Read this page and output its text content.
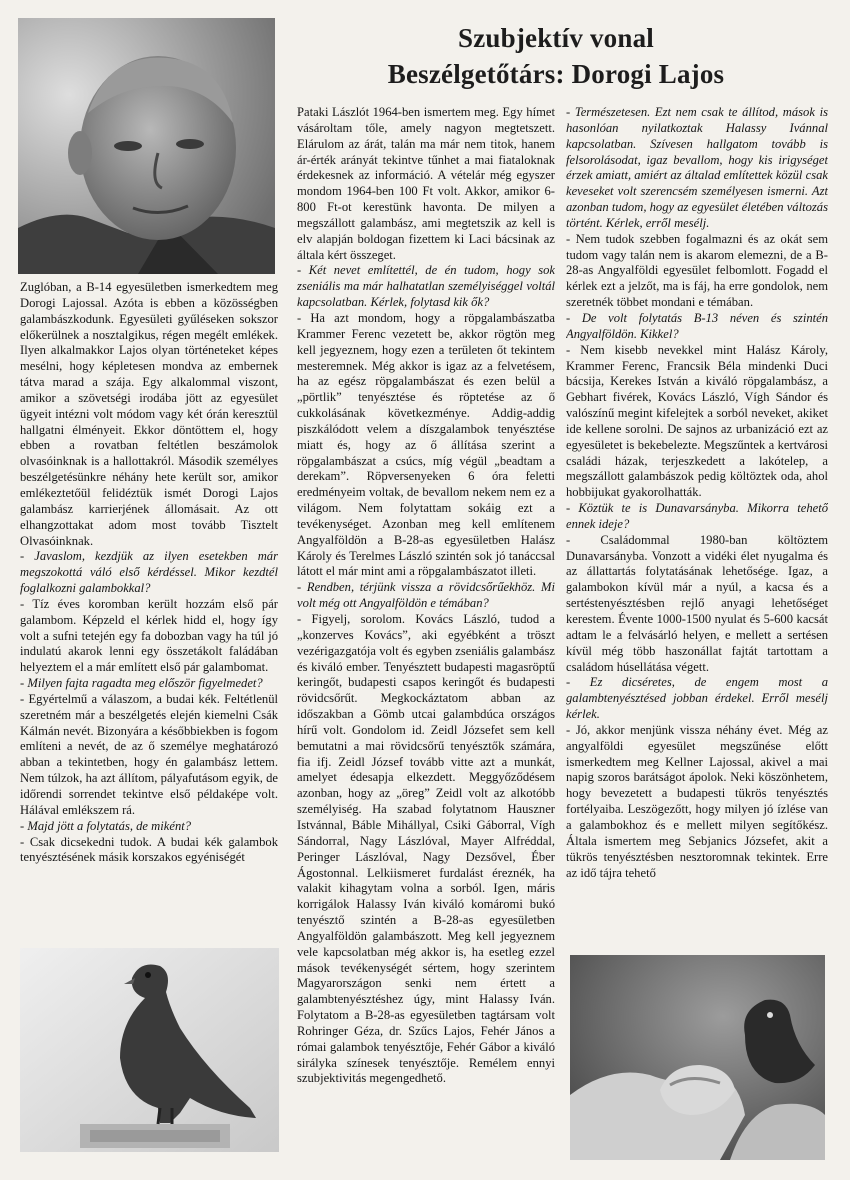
Szubjektív vonal
Beszélgetőtárs: Dorogi Lajos

Zuglóban, a B-14 egyesületben ismerkedtem meg Dorogi Lajossal. Azóta is ebben a közösségben galambászkodunk. Egyesületi gyűléseken sokszor előkerülnek a nosztalgikus, régen megélt emlékek. Ilyen alkalmakkor Lajos olyan történeteket képes mesélni, hogy képletesen mondva az embernek tátva marad a szája. Egy alkalommal viszont, amikor a szövetségi irodába jött az egyesület ügyeit intézni volt módom vagy két órán keresztül hallgatni élményeit. Ekkor döntöttem el, hogy ebben a rovatban feltétlen beszámolok olvasóinknak is a hallottakról. Második személyes beszélgetésünkre néhány hete került sor, amikor emlékeztetőül felidéztük ismét Dorogi Lajos galambász karrierjének állomásait. Az ott elhangzottakat adom most tovább Tisztelt Olvasóinknak.

- Javaslom, kezdjük az ilyen esetekben már megszokottá váló első kérdéssel. Mikor kezdtél foglalkozni galambokkal?

- Tíz éves koromban került hozzám első pár galambom. Képzeld el kérlek hidd el, hogy így volt a sufni tetején egy fa dobozban vagy ha túl jó indulatú akarok lenni egy összetákolt faládában helyeztem el a már említett első pár galambomat.

- Milyen fajta ragadta meg először figyelmedet?

- Egyértelmű a válaszom, a budai kék. Feltétlenül szeretném már a beszélgetés elején kiemelni Csák Kálmán nevét. Bizonyára a későbbiekben is fogom említeni a nevét, de az ő személye meghatározó abban a tekintetben, hogy én galambász lettem. Nem túlzok, ha azt állítom, pályafutásom egyik, de időrendi sorrendet tekintve első példaképe volt. Hálával emlékszem rá.

- Majd jött a folytatás, de miként?

- Csak dicsekedni tudok. A budai kék galambok tenyésztésének másik korszakos egyéniségét

Pataki Lászlót 1964-ben ismertem meg. Egy hímet vásároltam tőle, amely nagyon megtetszett. Elárulom az árát, talán ma már nem titok, hanem ár-érték arányát tekintve tűnhet a mai fiataloknak érdekesnek az információ. A vételár még egyszer mondom 1964-ben 100 Ft volt. Akkor, amikor 6-800 Ft-ot kerestünk havonta. De milyen a megszállott galambász, ami megtetszik az kell is elv alapján boldogan fizettem ki Laci bácsinak az általa kért összeget.

- Két nevet említettél, de én tudom, hogy sok zseniális ma már halhatatlan személyiséggel voltál kapcsolatban. Kérlek, folytasd kik ők?

- Ha azt mondom, hogy a röpgalambászatba Krammer Ferenc vezetett be, akkor rögtön meg kell jegyeznem, hogy ezen a területen őt tekintem mesteremnek. Még akkor is igaz az a felvetésem, ha az egész röpgalambászat és ezen belül a „pörtlik” tenyésztése és röptetése az ő cukkolásának következménye. Addig-addig piszkálódott velem a díszgalambok tenyésztése miatt és, hogy az ő állítása szerint a röpgalambászat a csúcs, míg végül „beadtam a derekam”. Röpversenyeken 6 óra feletti eredményeim voltak, de bevallom nekem nem ez a világom. Nem folytattam sokáig ezt a tevékenységet. Azonban meg kell említenem Angyalföldön a B-28-as egyesületben Halász Károly és Terelmes László szintén sok jó tanáccsal látott el már mint ami a röpgalambászatot illeti.

- Rendben, térjünk vissza a rövidcsőrűekhöz. Mi volt még ott Angyalföldön e témában?

- Figyelj, sorolom. Kovács László, tudod a „konzerves Kovács”, aki egyébként a tröszt vezérigazgatója volt és egyben zseniális galambász és kiváló ember. Tenyésztett budapesti magasröptű keringőt, budapesti csapos keringőt és budapesti rövidcsőrűt. Megkockáztatom abban az időszakban a Gömb utcai galambdúca országos hírű volt. Gondolom id. Zeidl Józsefet sem kell bemutatni a mai rövidcsőrű tenyésztők számára, fia ifj. Zeidl József tovább vitte azt a munkát, amelyet édesapja elkezdett. Meggyőződésem azonban, hogy az „öreg” Zeidl volt az alkotóbb személyiség. Ha szabad folytatnom Hauszner Istvánnal, Báble Mihállyal, Csiki Gáborral, Vígh Sándorral, Nagy Lászlóval, Mayer Alfréddal, Peringer Lászlóval, Nagy Dezsővel, Éber Ágostonnal. Lelkiismeret furdalást éreznék, ha valakit kihagytam volna a sorból. Igen, máris korrigálok Halassy Iván kiváló komáromi bukó tenyésztő szintén a B-28-as egyesületben Angyalföldön galambászott. Meg kell jegyeznem vele kapcsolatban még akkor is, ha esetleg ezzel mások tevékenységét sértem, hogy szerintem Magyarországon senki nem értett a galambtenyésztéshez úgy, mint Halassy Iván. Folytatom a B-28-as egyesületben tagtársam volt Rohringer Géza, dr. Szűcs Lajos, Fehér János a római galambok tenyésztője, Fehér Gábor a kiváló sirályka színesek tenyésztője. Remélem ennyi szubjektivitás megengedhető.

- Természetesen. Ezt nem csak te állítod, mások is hasonlóan nyilatkoztak Halassy Ivánnal kapcsolatban. Szívesen hallgatom tovább is felsorolásodat, igaz bevallom, hogy kis irigységet érzek amiatt, amiért az általad említettek közül csak keveseket volt szerencsém személyesen ismerni. Azt azonban tudom, hogy az egyesület életében változás történt. Kérlek, erről mesélj.

- Nem tudok szebben fogalmazni és az okát sem tudom vagy talán nem is akarom elemezni, de a B-28-as Angyalföldi egyesület felbomlott. Fogadd el kérlek ezt a jelzőt, ma is fáj, ha erre gondolok, nem szeretnék többet mondani e témában.

- De volt folytatás B-13 néven és szintén Angyalföldön. Kikkel?

- Nem kisebb nevekkel mint Halász Károly, Krammer Ferenc, Francsik Béla mindenki Duci bácsija, Kerekes István a kiváló röpgalambász, a Gebhart fivérek, Kovács László, Vígh Sándor és valószínű megint kifelejtek a sorból neveket, akiket ide kellene sorolni. De sajnos az urbanizáció ezt az egyesületet is bekebelezte. Megszűntek a kertvárosi családi házak, terjeszkedett a lakótelep, a megszállott galambászok pedig költöztek oda, ahol hobbijukat gyakorolhatták.

- Köztük te is Dunavarsányba. Mikorra tehető ennek ideje?

- Családommal 1980-ban költöztem Dunavarsányba. Vonzott a vidéki élet nyugalma és az állattartás folytatásának lehetősége. Igaz, a galambokon kívül már a nyúl, a kacsa és a sertéstenyésztésben rejlő anyagi lehetőséget kerestem. Évente 1000-1500 nyulat és 5-600 kacsát adtam le a felvásárló helyen, e mellett a sertésen kívül még több haszonállat fajtát tartottam a családom húsellátása végett.

- Ez dicséretes, de engem most a galambtenyésztésed jobban érdekel. Erről mesélj kérlek.

- Jó, akkor menjünk vissza néhány évet. Még az angyalföldi egyesület megszűnése előtt ismerkedtem meg Kellner Lajossal, akivel a mai napig szoros barátságot ápolok. Neki köszönhetem, hogy bevezetett a budapesti tükrös tenyésztés fortélyaiba. Leszögezőtt, hogy milyen jó ízlése van a galambokhoz és e mellett milyen segítőkész. Általa ismertem meg Sebjanics Józsefet, akit a tükrös tenyésztésben nesztoromnak tekintek. Erre az idő tájra tehető
